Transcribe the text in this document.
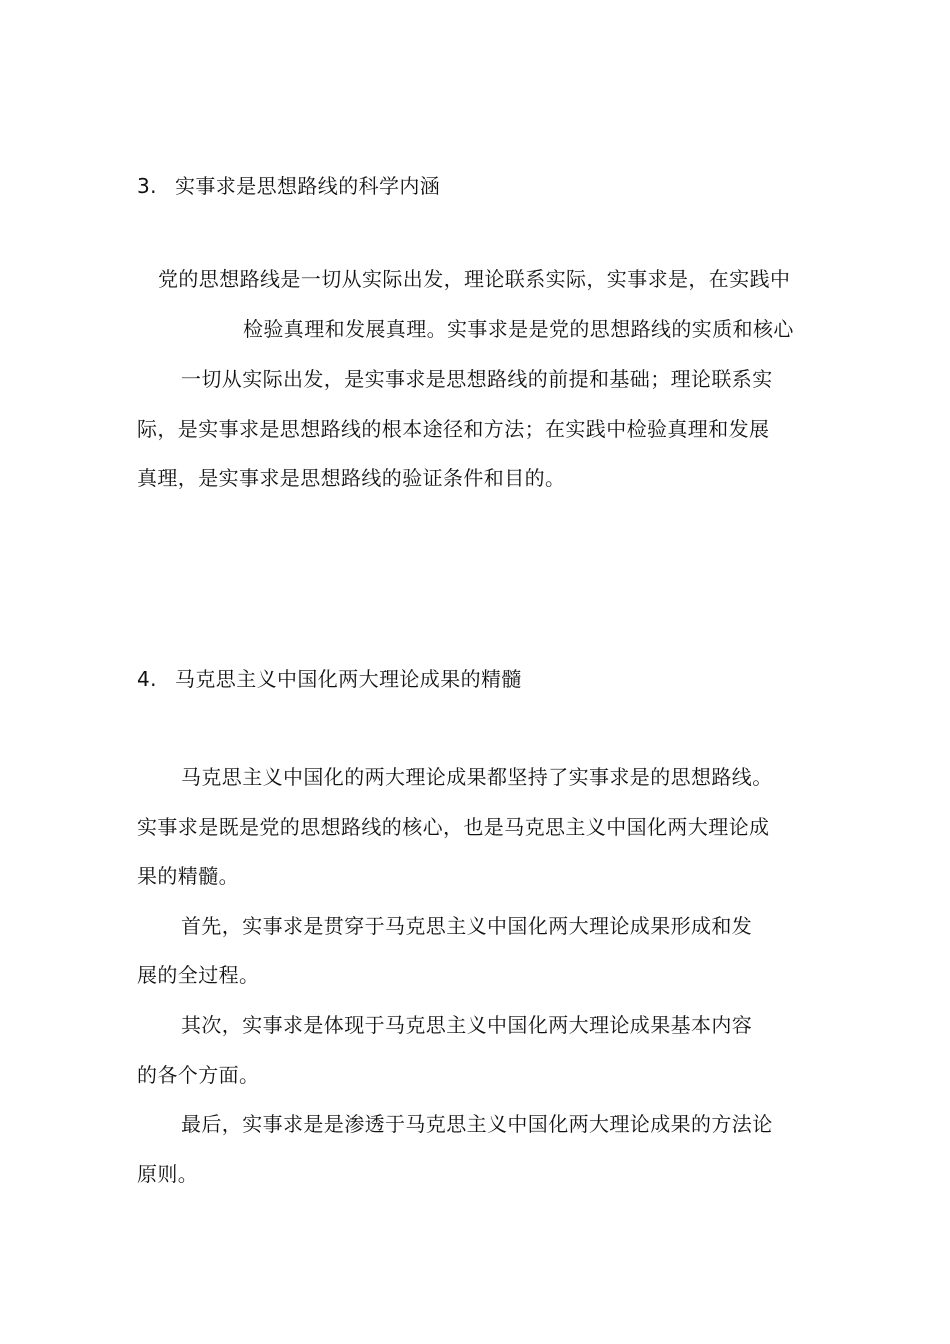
3. 实事求是思想路线的科学内涵
党的思想路线是一切从实际出发，理论联系实际，实事求是，在实践中
检验真理和发展真理。实事求是是党的思想路线的实质和核心
一切从实际出发，是实事求是思想路线的前提和基础；理论联系实
际，是实事求是思想路线的根本途径和方法；在实践中检验真理和发展
真理，是实事求是思想路线的验证条件和目的。
4. 马克思主义中国化两大理论成果的精髓
马克思主义中国化的两大理论成果都坚持了实事求是的思想路线。
实事求是既是党的思想路线的核心，也是马克思主义中国化两大理论成
果的精髓。
首先，实事求是贯穿于马克思主义中国化两大理论成果形成和发
展的全过程。
其次，实事求是体现于马克思主义中国化两大理论成果基本内容
的各个方面。
最后，实事求是是渗透于马克思主义中国化两大理论成果的方法论
原则。
